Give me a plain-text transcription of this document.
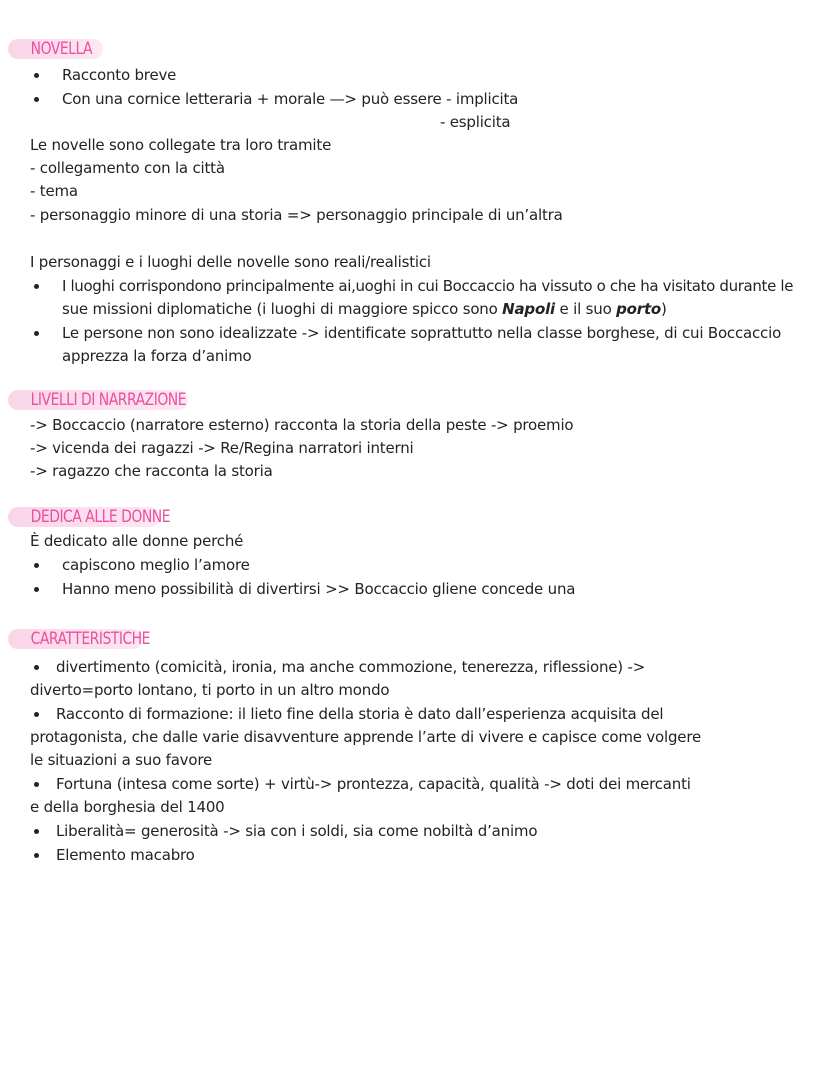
NOVELLA
Racconto breve
Con una cornice letteraria + morale —> può essere - implicita
- esplicita
Le novelle sono collegate tra loro tramite
- collegamento con la città
- tema
- personaggio minore di una storia => personaggio principale di un’altra
I personaggi e i luoghi delle novelle sono reali/realistici
I luoghi corrispondono principalmente ai,uoghi in cui Boccaccio ha vissuto o che ha visitato durante le
sue missioni diplomatiche (i luoghi di maggiore spicco sono Napoli e il suo porto)
Le persone non sono idealizzate -> identificate soprattutto nella classe borghese, di cui Boccaccio
apprezza la forza d’animo
LIVELLI DI NARRAZIONE
-> Boccaccio (narratore esterno) racconta la storia della peste -> proemio
-> vicenda dei ragazzi -> Re/Regina narratori interni
-> ragazzo che racconta la storia
DEDICA ALLE DONNE
È dedicato alle donne perché
capiscono meglio l’amore
Hanno meno possibilità di divertirsi >> Boccaccio gliene concede una
CARATTERISTICHE
divertimento (comicità, ironia, ma anche commozione, tenerezza, riflessione) ->
diverto=porto lontano, ti porto in un altro mondo
Racconto di formazione: il lieto fine della storia è dato dall’esperienza acquisita del
protagonista, che dalle varie disavventure apprende l’arte di vivere e capisce come volgere
le situazioni a suo favore
Fortuna (intesa come sorte) + virtù-> prontezza, capacità, qualità -> doti dei mercanti
e della borghesia del 1400
Liberalità= generosità -> sia con i soldi, sia come nobiltà d’animo
Elemento macabro
